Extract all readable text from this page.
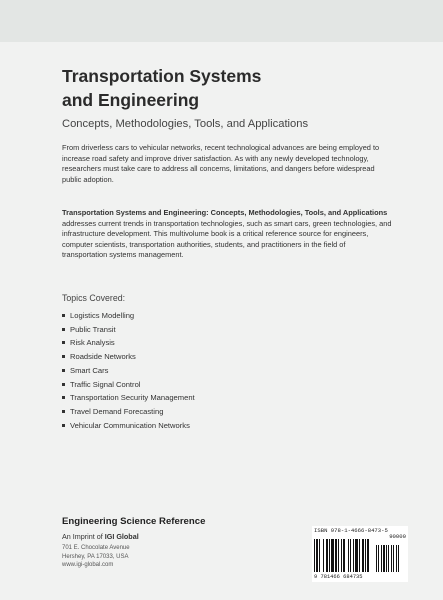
Transportation Systems
and Engineering
Concepts, Methodologies, Tools, and Applications
From driverless cars to vehicular networks, recent technological advances are being employed to increase road safety and improve driver satisfaction. As with any newly developed technology, researchers must take care to address all concerns, limitations, and dangers before widespread public adoption.
Transportation Systems and Engineering: Concepts, Methodologies, Tools, and Applications addresses current trends in transportation technologies, such as smart cars, green technologies, and infrastructure development. This multivolume book is a critical reference source for engineers, computer scientists, transportation authorities, students, and practitioners in the field of transportation systems management.
Topics Covered:
Logistics Modelling
Public Transit
Risk Analysis
Roadside Networks
Smart Cars
Traffic Signal Control
Transportation Security Management
Travel Demand Forecasting
Vehicular Communication Networks
Engineering Science Reference
An Imprint of IGI Global
701 E. Chocolate Avenue
Hershey, PA 17033, USA
www.igi-global.com
ISBN 978-1-4666-8473-5
90000
9 781466 684735
